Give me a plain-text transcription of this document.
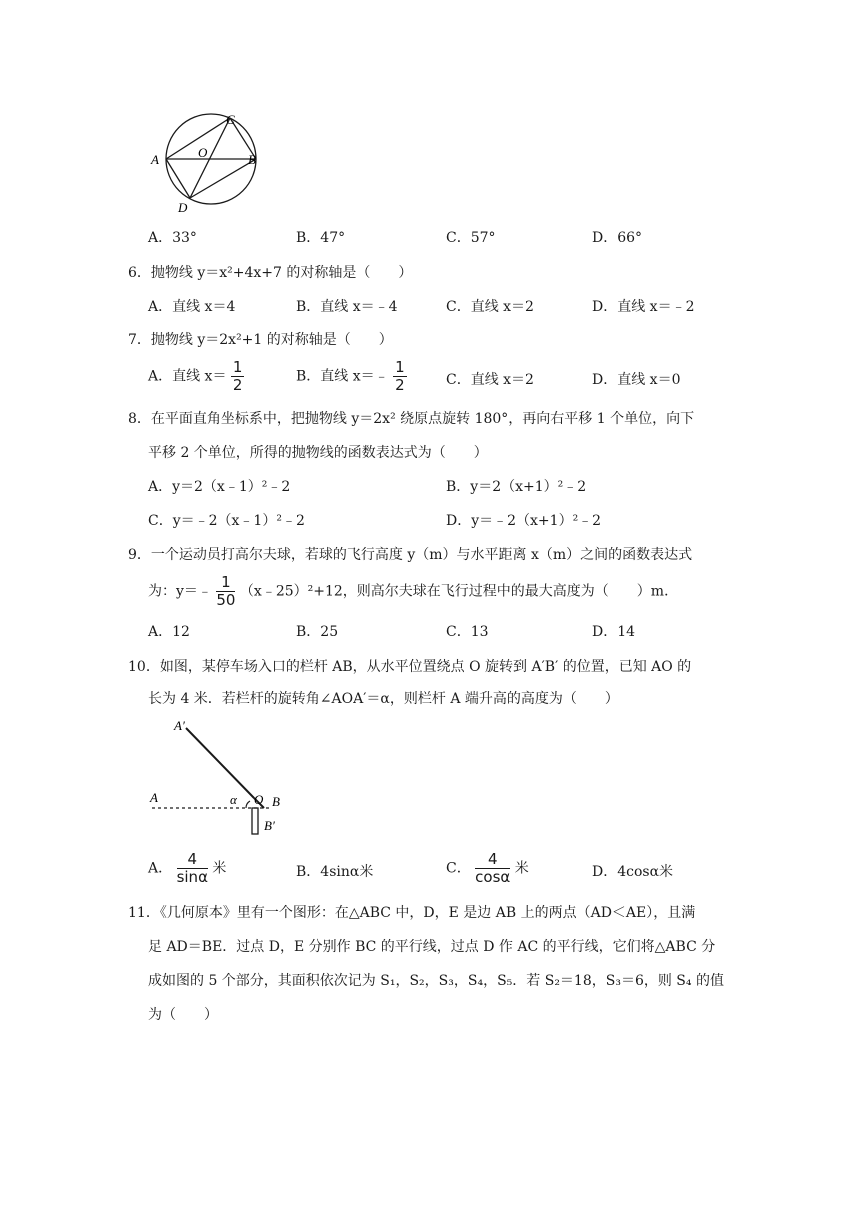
C
A	O	B
D
A．33°	B．47°	C．57°	D．66°
6．抛物线 y＝x²+4x+7 的对称轴是（　　）
A．直线 x＝4	B．直线 x＝﹣4	C．直线 x＝2	D．直线 x＝﹣2
7．抛物线 y＝2x²+1 的对称轴是（　　）
A．直线 $x= \frac{1}{2}$	B．直线 x＝﹣ $\frac{1}{2}$	C．直线 x＝2	D．直线 x＝0
8．在平面直角坐标系中，把抛物线 y＝2x² 绕原点旋转 180°，再向右平移 1 个单位，向下
平移 2 个单位，所得的抛物线的函数表达式为（　　）
A．y＝2（x﹣1）²﹣2	B．y＝2（x+1）²﹣2
C．y＝﹣2（x﹣1）²﹣2	D．y＝﹣2（x+1）²﹣2
9．一个运动员打高尔夫球，若球的飞行高度 y（m）与水平距离 x（m）之间的函数表达式
为：y＝﹣ $\frac{1}{50}$ （x﹣25）²+12，则高尔夫球在飞行过程中的最大高度为（　　）m．
A．12	B．25	C．13	D．14
10．如图，某停车场入口的栏杆 AB，从水平位置绕点 O 旋转到 A′B′ 的位置，已知 AO 的
长为 4 米．若栏杆的旋转角∠AOA′＝α，则栏杆 A 端升高的高度为（　　）
A′
A	α O B
B′
A． $\frac{4}{\sin\alpha}$ 米	B．4sinα米	C． $\frac{4}{\cos\alpha}$ 米	D．4cosα米
11．《几何原本》里有一个图形：在△ABC 中，D，E 是边 AB 上的两点（AD＜AE），且满
足 AD＝BE．过点 D，E 分别作 BC 的平行线，过点 D 作 AC 的平行线，它们将△ABC 分
成如图的 5 个部分，其面积依次记为 S₁，S₂，S₃，S₄，S₅．若 S₂＝18，S₃＝6，则 S₄ 的值
为（　　）
